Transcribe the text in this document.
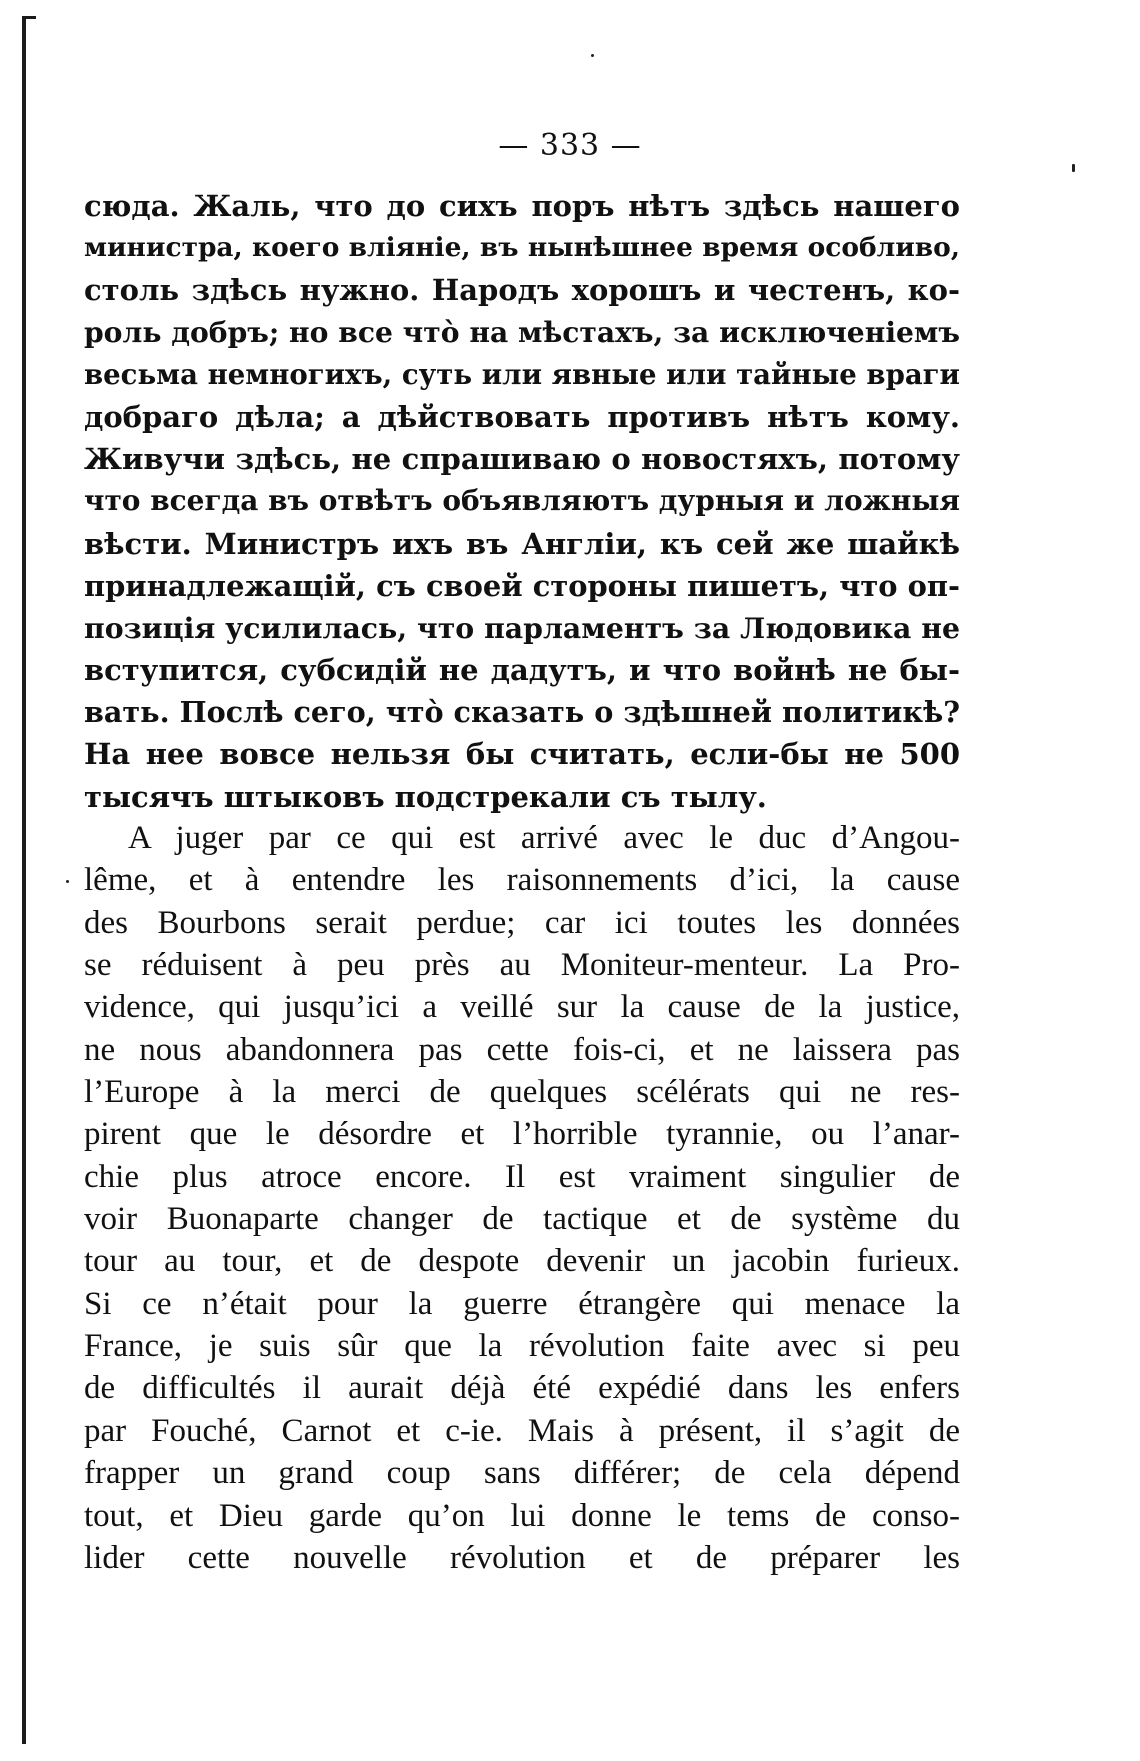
— 333 —
сюда. Жаль, что до сихъ поръ нѣтъ здѣсь нашего
министра, коего вліяніе, въ нынѣшнее время особливо,
столь здѣсь нужно. Народъ хорошъ и честенъ, ко-
роль добръ; но все что̀ на мѣстахъ, за исключеніемъ
весьма немногихъ, суть или явные или тайные враги
добраго дѣла; а дѣйствовать противъ нѣтъ кому.
Живучи здѣсь, не спрашиваю о новостяхъ, потому
что всегда въ отвѣтъ объявляютъ дурныя и ложныя
вѣсти. Министръ ихъ въ Англіи, къ сей же шайкѣ
принадлежащій, съ своей стороны пишетъ, что оп-
позиція усилилась, что парламентъ за Людовика не
вступится, субсидій не дадутъ, и что войнѣ не бы-
вать. Послѣ сего, что̀ сказать о здѣшней политикѣ?
На нее вовсе нельзя бы считать, если-бы не 500
тысячъ штыковъ подстрекали съ тылу.
A juger par ce qui est arrivé avec le duc d’Angou-
lême, et à entendre les raisonnements d’ici, la cause
des Bourbons serait perdue; car ici toutes les données
se réduisent à peu près au Moniteur-menteur. La Pro-
vidence, qui jusqu’ici a veillé sur la cause de la justice,
ne nous abandonnera pas cette fois-ci, et ne laissera pas
l’Europe à la merci de quelques scélérats qui ne res-
pirent que le désordre et l’horrible tyrannie, ou l’anar-
chie plus atroce encore. Il est vraiment singulier de
voir Buonaparte changer de tactique et de système du
tour au tour, et de despote devenir un jacobin furieux.
Si ce n’était pour la guerre étrangère qui menace la
France, je suis sûr que la révolution faite avec si peu
de difficultés il aurait déjà été expédié dans les enfers
par Fouché, Carnot et c-ie. Mais à présent, il s’agit de
frapper un grand coup sans différer; de cela dépend
tout, et Dieu garde qu’on lui donne le tems de conso-
lider cette nouvelle révolution et de préparer les
